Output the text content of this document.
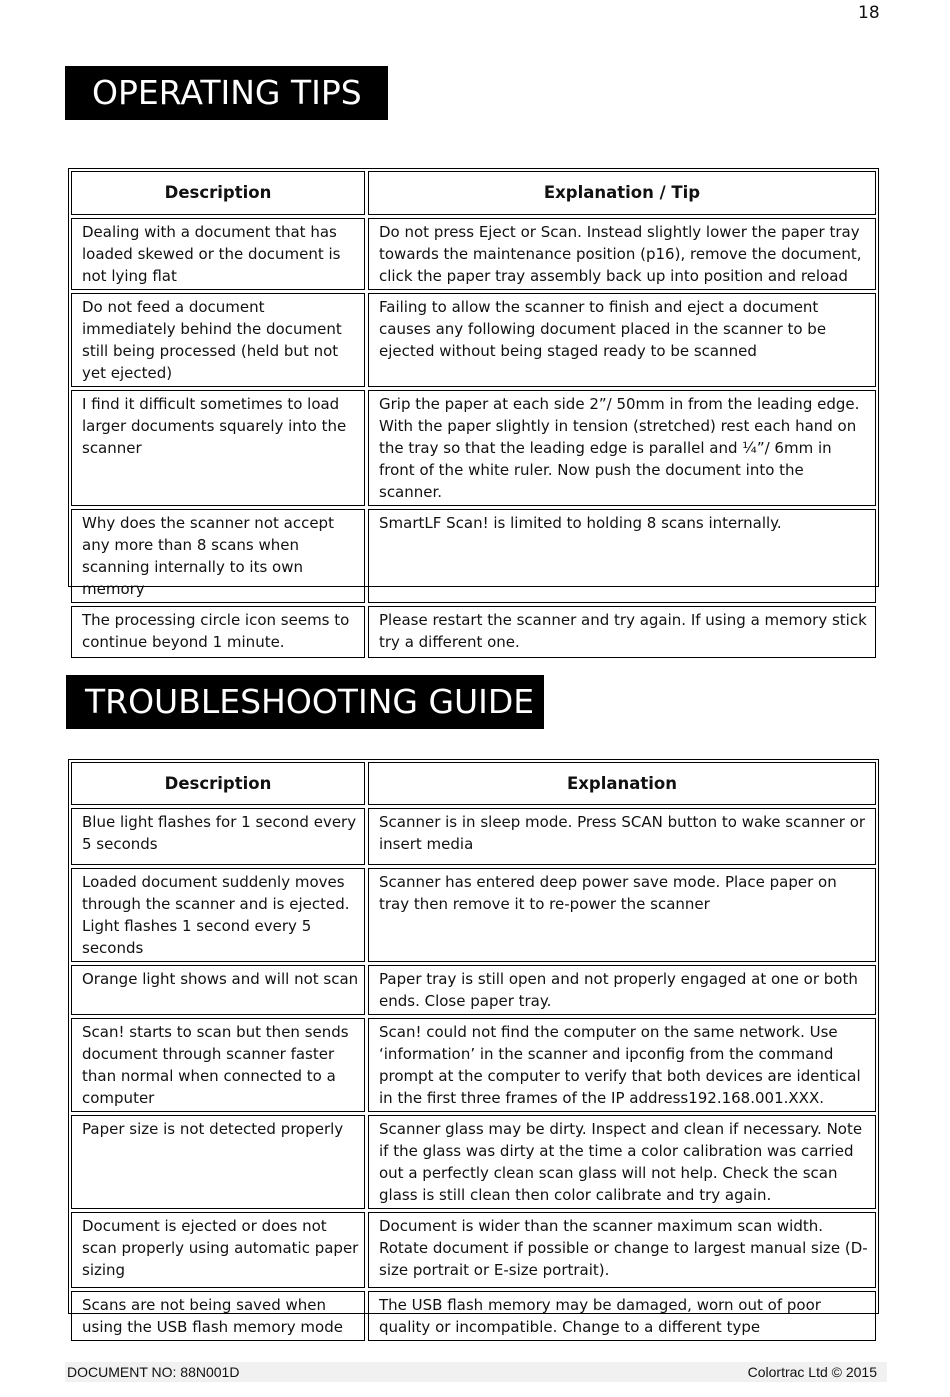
18
OPERATING TIPS
Description	Explanation / Tip
Dealing with a document that has loaded skewed or the document is not lying flat	Do not press Eject or Scan. Instead slightly lower the paper tray towards the maintenance position (p16), remove the document, click the paper tray assembly back up into position and reload
Do not feed a document immediately behind the document still being processed (held but not yet ejected)	Failing to allow the scanner to finish and eject a document causes any following document placed in the scanner to be ejected without being staged ready to be scanned
I find it difficult sometimes to load larger documents squarely into the scanner	Grip the paper at each side 2”/ 50mm in from the leading edge. With the paper slightly in tension (stretched) rest each hand on the tray so that the leading edge is parallel and ¼”/ 6mm in front of the white ruler. Now push the document into the scanner.
Why does the scanner not accept any more than 8 scans when scanning internally to its own memory	SmartLF Scan! is limited to holding 8 scans internally.
The processing circle icon seems to continue beyond 1 minute.	Please restart the scanner and try again. If using a memory stick try a different one.
TROUBLESHOOTING GUIDE
Description	Explanation
Blue light flashes for 1 second every 5 seconds	Scanner is in sleep mode. Press SCAN button to wake scanner or insert media
Loaded document suddenly moves through the scanner and is ejected. Light flashes 1 second every 5 seconds	Scanner has entered deep power save mode. Place paper on tray then remove it to re-power the scanner
Orange light shows and will not scan	Paper tray is still open and not properly engaged at one or both ends. Close paper tray.
Scan! starts to scan but then sends document through scanner faster than normal when connected to a computer	Scan! could not find the computer on the same network. Use ‘information’ in the scanner and ipconfig from the command prompt at the computer to verify that both devices are identical in the first three frames of the IP address192.168.001.XXX.
Paper size is not detected properly	Scanner glass may be dirty. Inspect and clean if necessary. Note if the glass was dirty at the time a color calibration was carried out a perfectly clean scan glass will not help. Check the scan glass is still clean then color calibrate and try again.
Document is ejected or does not scan properly using automatic paper sizing	Document is wider than the scanner maximum scan width. Rotate document if possible or change to largest manual size (D-size portrait or E-size portrait).
Scans are not being saved when using the USB flash memory mode	The USB flash memory may be damaged, worn out of poor quality or incompatible. Change to a different type
DOCUMENT NO: 88N001D	Colortrac Ltd © 2015
